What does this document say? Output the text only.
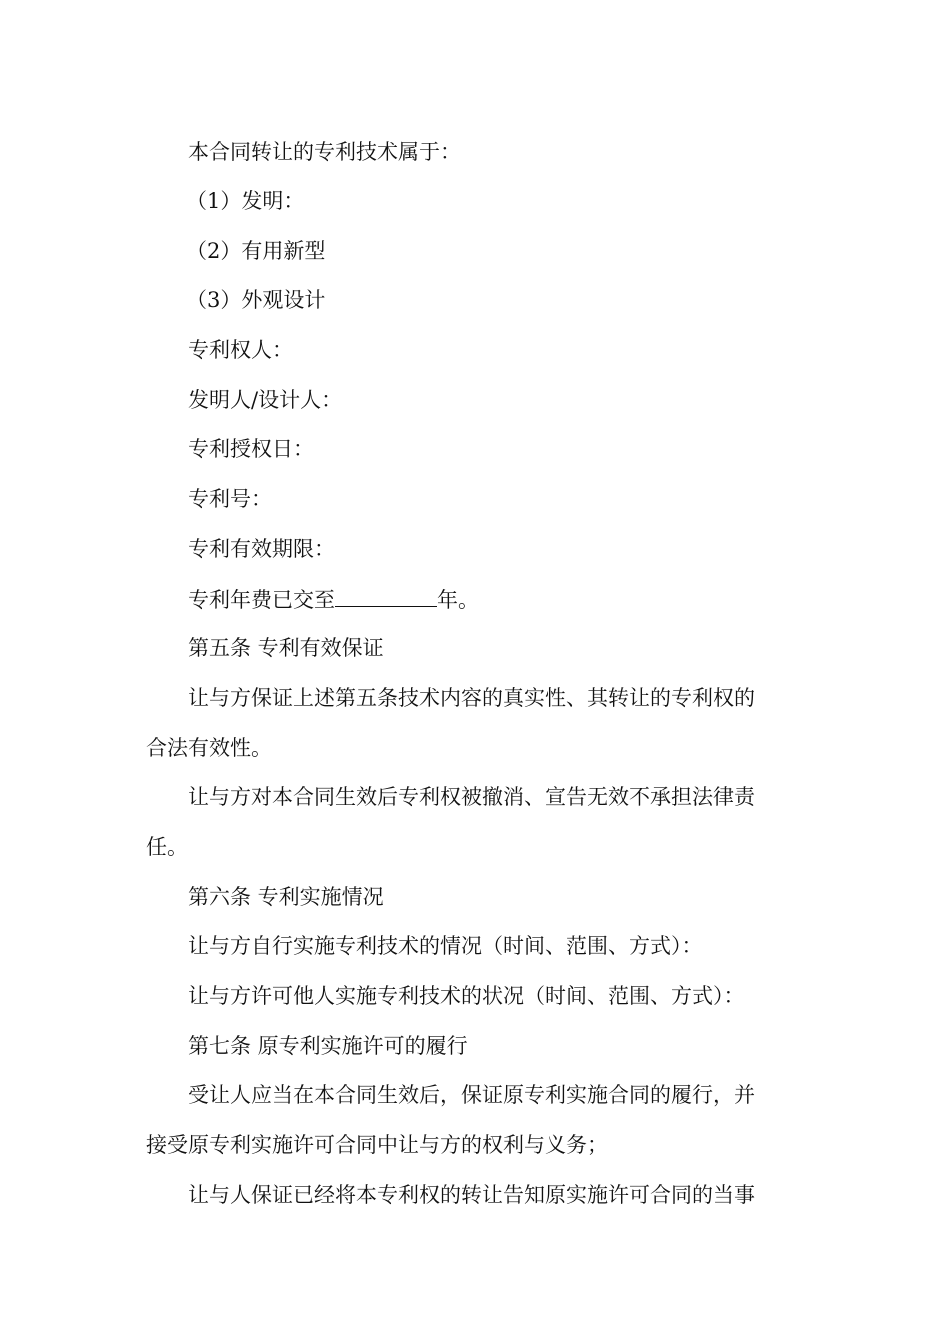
本合同转让的专利技术属于：
（1）发明：
（2）有用新型
（3）外观设计
专利权人：
发明人/设计人：
专利授权日：
专利号：
专利有效期限：
专利年费已交至	年。
第五条 专利有效保证
让与方保证上述第五条技术内容的真实性、其转让的专利权的
合法有效性。
让与方对本合同生效后专利权被撤消、宣告无效不承担法律责
任。
第六条 专利实施情况
让与方自行实施专利技术的情况（时间、范围、方式）：
让与方许可他人实施专利技术的状况（时间、范围、方式）：
第七条 原专利实施许可的履行
受让人应当在本合同生效后，保证原专利实施合同的履行，并
接受原专利实施许可合同中让与方的权利与义务；
让与人保证已经将本专利权的转让告知原实施许可合同的当事
